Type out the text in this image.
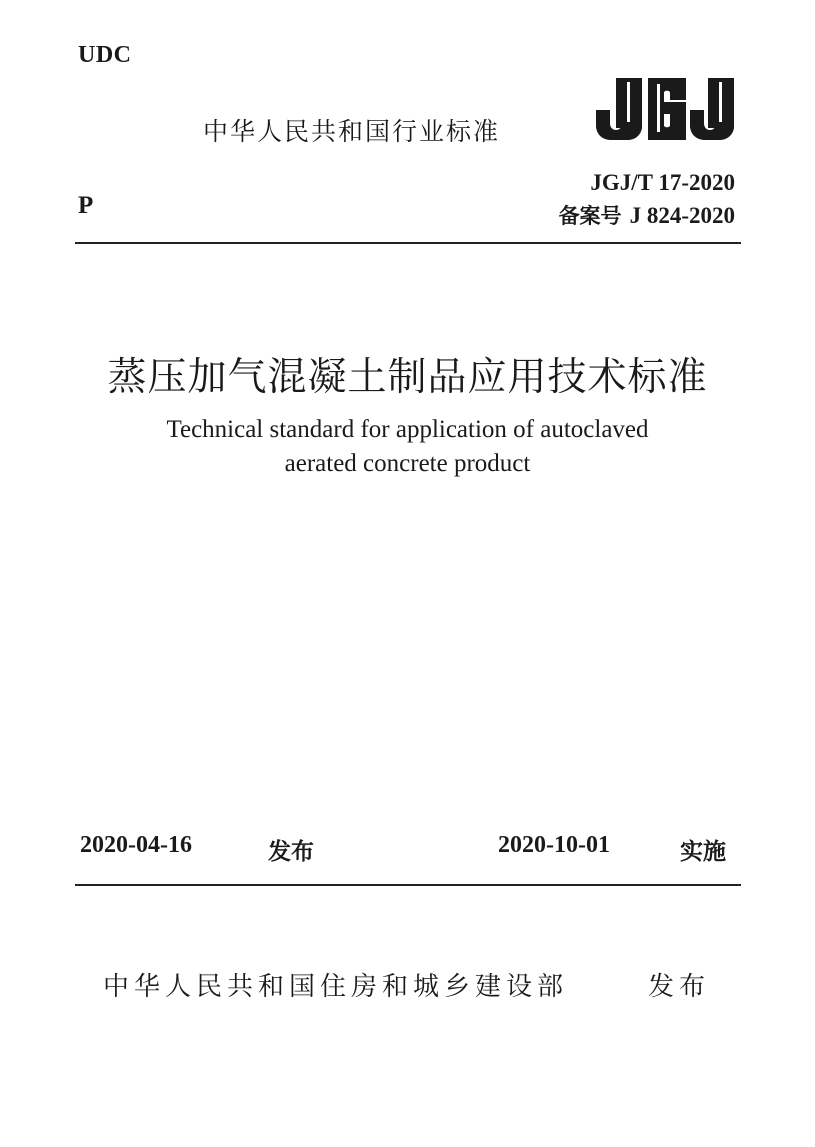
UDC
中华人民共和国行业标准
P
JGJ/T 17-2020
备案号 J 824-2020
蒸压加气混凝土制品应用技术标准
Technical standard for application of autoclaved
aerated concrete product
2020-04-16	发布	2020-10-01	实施
中华人民共和国住房和城乡建设部	发布
